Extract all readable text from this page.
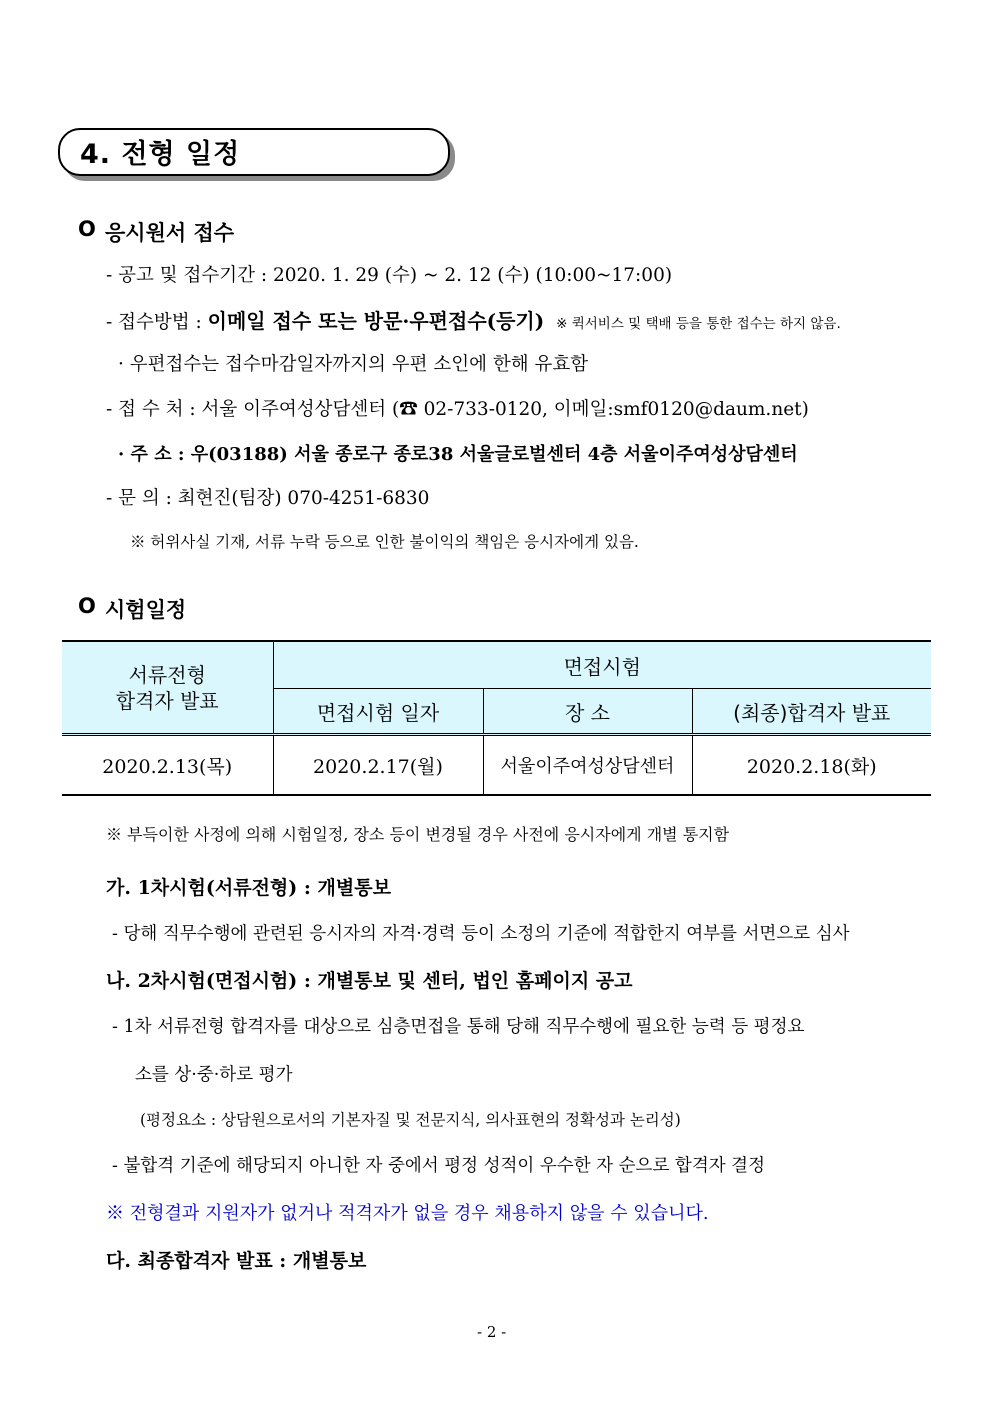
4. 전형 일정
O 응시원서 접수
- 공고 및 접수기간 : 2020. 1. 29 (수) ~ 2. 12 (수) (10:00~17:00)
- 접수방법 : 이메일 접수 또는 방문·우편접수(등기) ※ 퀵서비스 및 택배 등을 통한 접수는 하지 않음.
· 우편접수는 접수마감일자까지의 우편 소인에 한해 유효함
- 접 수 처 : 서울 이주여성상담센터 (☎ 02-733-0120, 이메일:smf0120@daum.net)
· 주 소 : 우(03188) 서울 종로구 종로38 서울글로벌센터 4층 서울이주여성상담센터
- 문 의 : 최현진(팀장) 070-4251-6830
※ 허위사실 기재, 서류 누락 등으로 인한 불이익의 책임은 응시자에게 있음.
O 시험일정
서류전형
합격자 발표	면접시험		
	면접시험 일자	장 소	(최종)합격자 발표
2020.2.13(목)	2020.2.17(월)	서울이주여성상담센터	2020.2.18(화)
※ 부득이한 사정에 의해 시험일정, 장소 등이 변경될 경우 사전에 응시자에게 개별 통지함
가. 1차시험(서류전형) : 개별통보
- 당해 직무수행에 관련된 응시자의 자격·경력 등이 소정의 기준에 적합한지 여부를 서면으로 심사
나. 2차시험(면접시험) : 개별통보 및 센터, 법인 홈페이지 공고
- 1차 서류전형 합격자를 대상으로 심층면접을 통해 당해 직무수행에 필요한 능력 등 평정요
소를 상·중·하로 평가
(평정요소 : 상담원으로서의 기본자질 및 전문지식, 의사표현의 정확성과 논리성)
- 불합격 기준에 해당되지 아니한 자 중에서 평정 성적이 우수한 자 순으로 합격자 결정
※ 전형결과 지원자가 없거나 적격자가 없을 경우 채용하지 않을 수 있습니다.
다. 최종합격자 발표 : 개별통보
- 2 -
